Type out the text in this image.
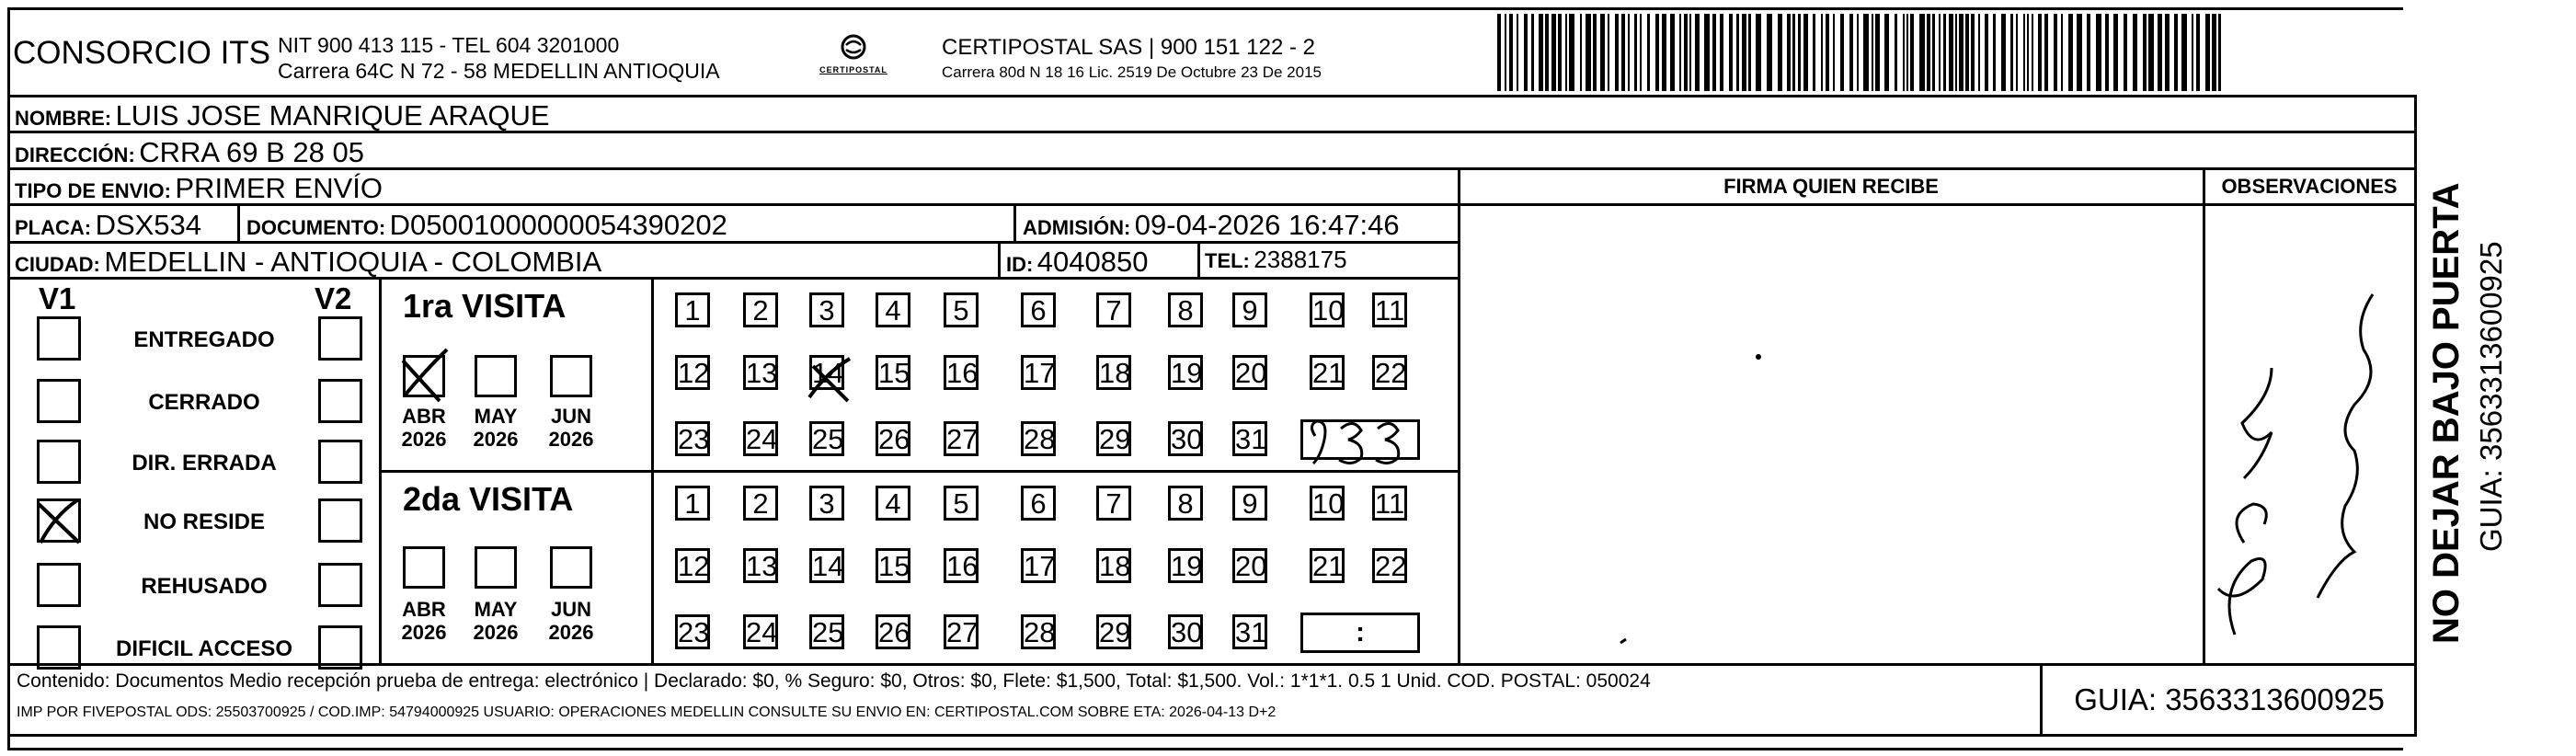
CONSORCIO ITS NIT 900 413 115 - TEL 604 3201000
Carrera 64C N 72 - 58 MEDELLIN ANTIOQUIA	CERTIPOSTAL
CERTIPOSTAL SAS | 900 151 122 - 2
Carrera 80d N 18 16 Lic. 2519 De Octubre 23 De 2015
NOMBRE: LUIS JOSE MANRIQUE ARAQUE
DIRECCIÓN: CRRA 69 B 28 05
TIPO DE ENVIO: PRIMER ENVÍO	FIRMA QUIEN RECIBE	OBSERVACIONES
PLACA: DSX534 DOCUMENTO: D05001000000054390202	ADMISIÓN: 09-04-2026 16:47:46
CIUDAD: MEDELLIN - ANTIOQUIA - COLOMBIA	ID: 4040850	TEL: 2388175
V1	V2
ENTREGADO
CERRADO
DIR. ERRADA
NO RESIDE
REHUSADO
DIFICIL ACCESO
1ra VISITA
2da VISITA
ABR
2026
MAY
2026
JUN
2026
1	2	3	4	5	6	7	8	9	10 11
12 13 14 15 16 17 18 19 20 21 22
23 24 25 26 27 28 29 30 31
ABR
2026
MAY
2026
JUN
2026
1	2	3	4	5	6	7	8	9	10 11
12 13 14 15 16 17 18 19 20 21 22
23 24 25 26 27 28 29 30 31	:
Contenido: Documentos Medio recepción prueba de entrega: electrónico | Declarado: $0, % Seguro: $0, Otros: $0, Flete: $1,500, Total: $1,500. Vol.: 1*1*1. 0.5 1 Unid. COD. POSTAL: 050024
IMP POR FIVEPOSTAL ODS: 25503700925 / COD.IMP: 54794000925 USUARIO: OPERACIONES MEDELLIN CONSULTE SU ENVIO EN: CERTIPOSTAL.COM SOBRE ETA: 2026-04-13 D+2	GUIA: 3563313600925
NO DEJAR BAJO PUERTA GUIA: 3563313600925
